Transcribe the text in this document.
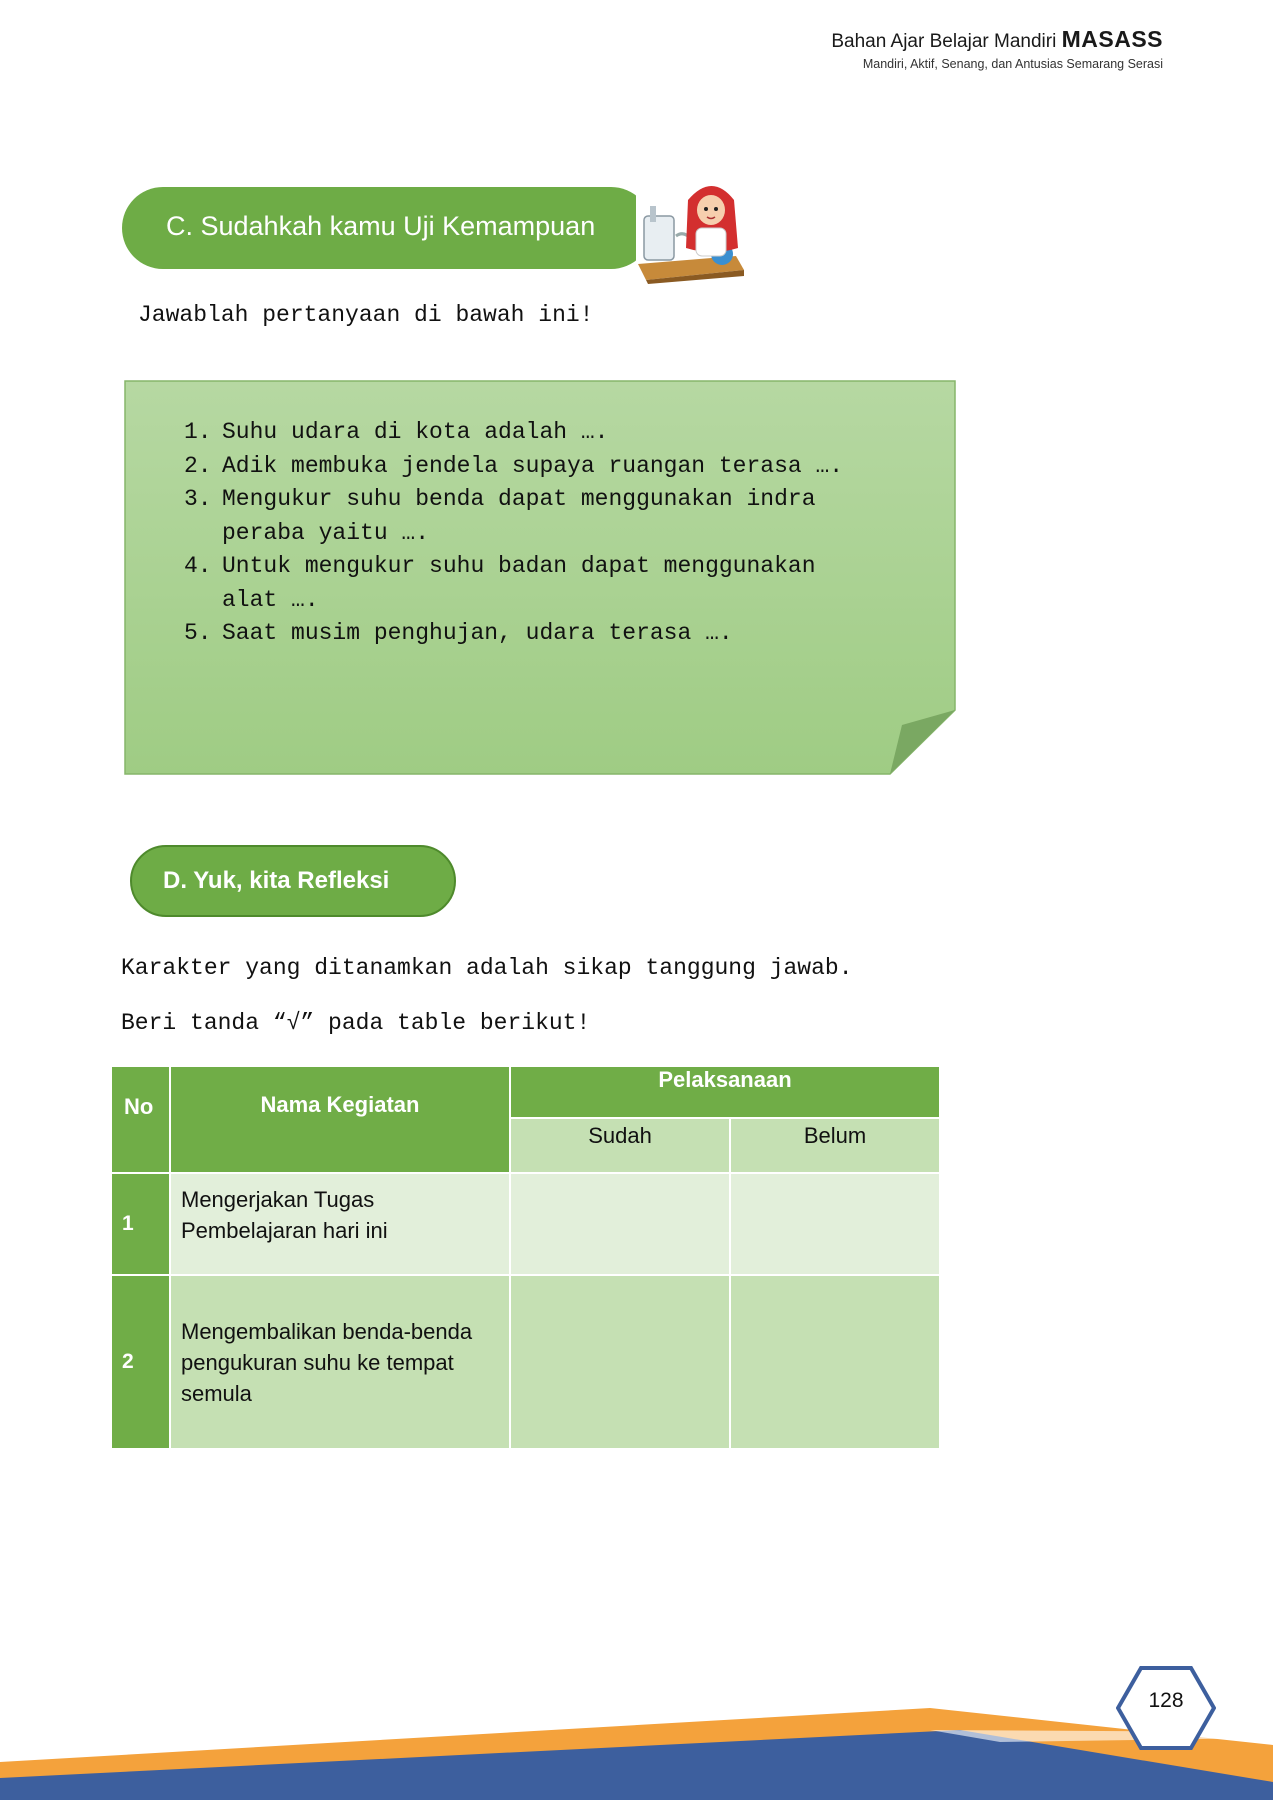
Bahan Ajar Belajar Mandiri MASASS
Mandiri, Aktif, Senang, dan Antusias Semarang Serasi
C. Sudahkah kamu Uji Kemampuan
Jawablah pertanyaan di bawah ini!
1. Suhu udara di kota adalah ….
2. Adik membuka jendela supaya ruangan terasa ….
3. Mengukur suhu benda dapat menggunakan indra peraba yaitu ….
4. Untuk mengukur suhu badan dapat menggunakan alat ….
5. Saat musim penghujan, udara terasa ….
D. Yuk, kita Refleksi
Karakter yang ditanamkan adalah sikap tanggung jawab.
Beri tanda “√” pada table berikut!
No	Nama Kegiatan	Pelaksanaan	
		Sudah	Belum
1	Mengerjakan Tugas Pembelajaran hari ini		
2	Mengembalikan benda-benda pengukuran suhu ke tempat semula		
128
